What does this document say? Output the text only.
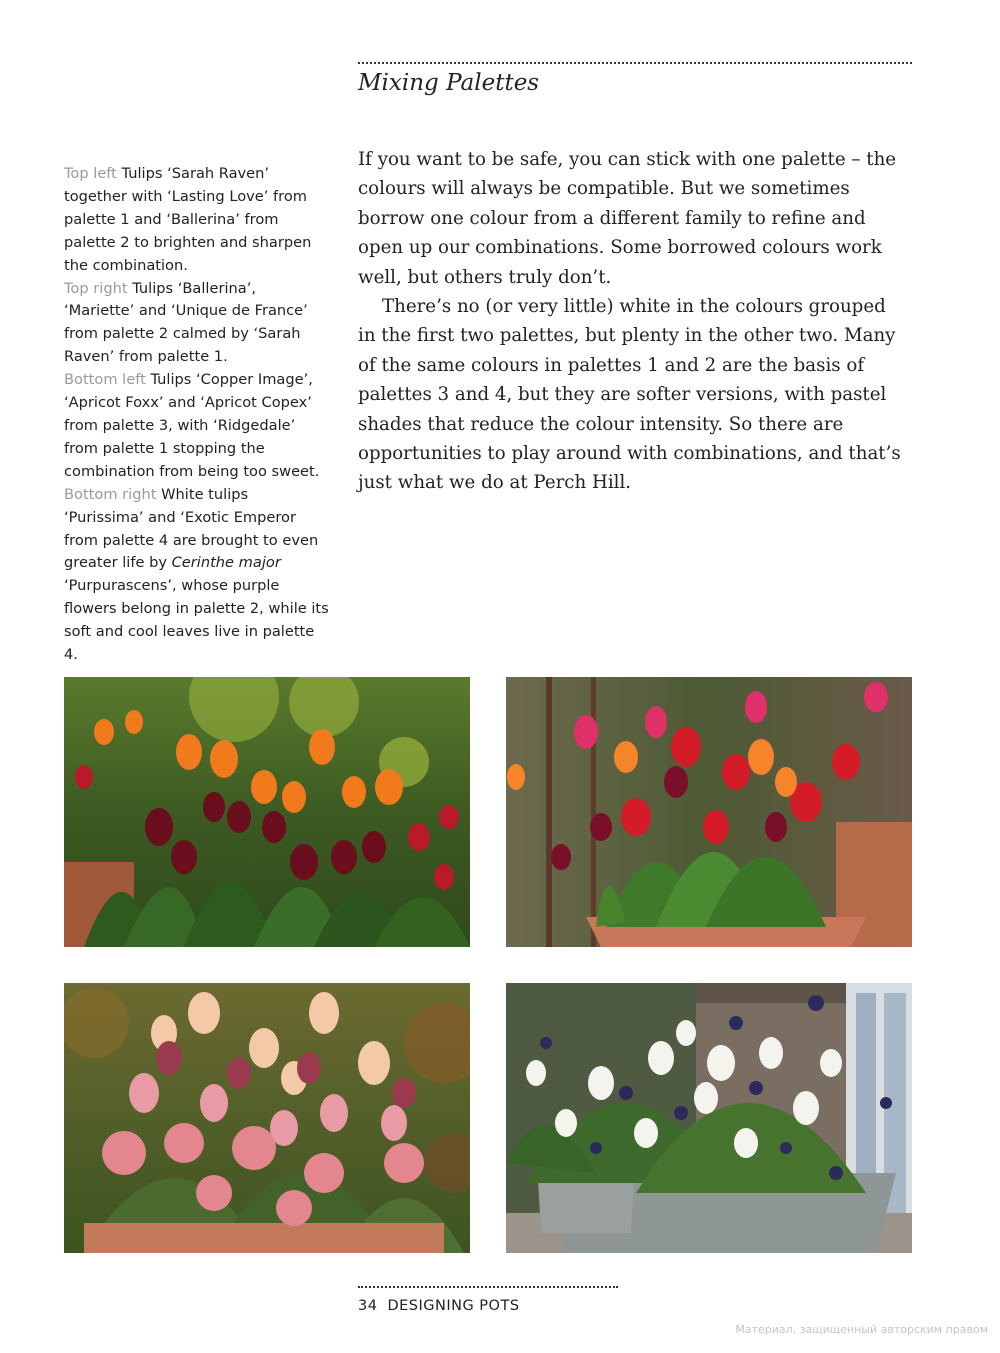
Mixing Palettes

Top left Tulips ‘Sarah Raven’ together with ‘Lasting Love’ from palette 1 and ‘Ballerina’ from palette 2 to brighten and sharpen the combination.

Top right Tulips ‘Ballerina’, ‘Mariette’ and ‘Unique de France’ from palette 2 calmed by ‘Sarah Raven’ from palette 1.

Bottom left Tulips ‘Copper Image’, ‘Apricot Foxx’ and ‘Apricot Copex’ from palette 3, with ‘Ridgedale’ from palette 1 stopping the combination from being too sweet.

Bottom right White tulips ‘Purissima’ and ‘Exotic Emperor from palette 4 are brought to even greater life by Cerinthe major ‘Purpurascens’, whose purple flowers belong in palette 2, while its soft and cool leaves live in palette 4.

If you want to be safe, you can stick with one palette – the colours will always be compatible. But we sometimes borrow one colour from a different family to refine and open up our combinations. Some borrowed colours work well, but others truly don’t.

There’s no (or very little) white in the colours grouped in the first two palettes, but plenty in the other two. Many of the same colours in palettes 1 and 2 are the basis of palettes 3 and 4, but they are softer versions, with pastel shades that reduce the colour intensity. So there are opportunities to play around with combinations, and that’s just what we do at Perch Hill.

34 DESIGNING POTS
Материал, защищенный авторским правом
